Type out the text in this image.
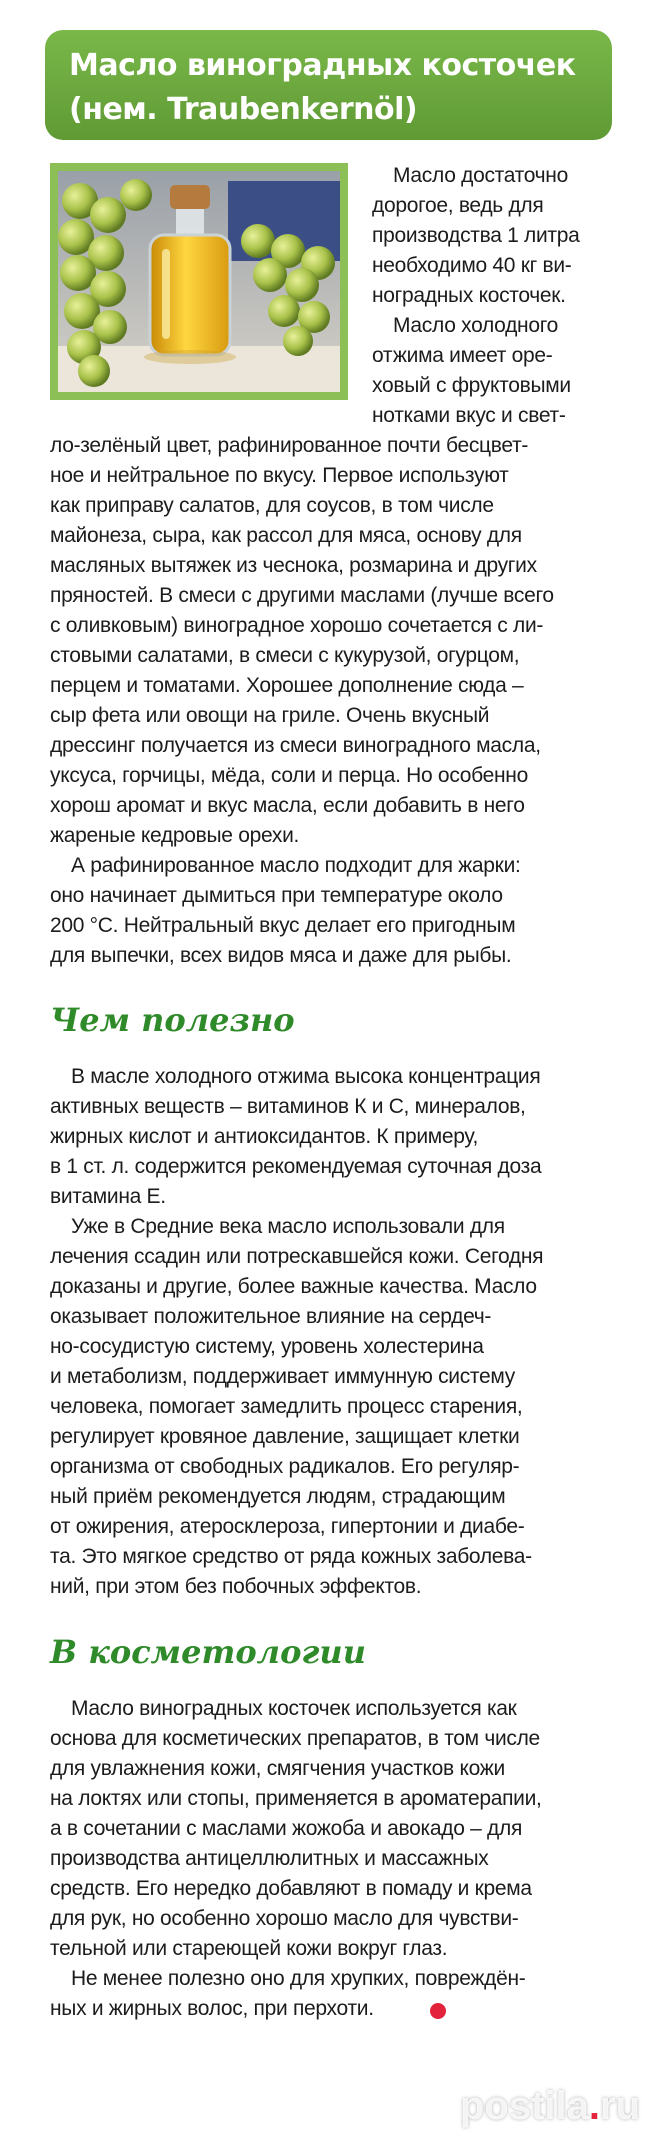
Масло виноградных косточек
(нем. Traubenkernöl)
Масло достаточно
дорогое, ведь для
производства 1 литра
необходимо 40 кг ви-
ноградных косточек.
Масло холодного
отжима имеет оре-
ховый с фруктовыми
нотками вкус и свет-
ло-зелёный цвет, рафинированное почти бесцвет-
ное и нейтральное по вкусу. Первое используют
как приправу салатов, для соусов, в том числе
майонеза, сыра, как рассол для мяса, основу для
масляных вытяжек из чеснока, розмарина и других
пряностей. В смеси с другими маслами (лучше всего
с оливковым) виноградное хорошо сочетается с ли-
стовыми салатами, в смеси с кукурузой, огурцом,
перцем и томатами. Хорошее дополнение сюда –
сыр фета или овощи на гриле. Очень вкусный
дрессинг получается из смеси виноградного масла,
уксуса, горчицы, мёда, соли и перца. Но особенно
хорош аромат и вкус масла, если добавить в него
жареные кедровые орехи.
А рафинированное масло подходит для жарки:
оно начинает дымиться при температуре около
200 °C. Нейтральный вкус делает его пригодным
для выпечки, всех видов мяса и даже для рыбы.
Чем полезно
В масле холодного отжима высока концентрация
активных веществ – витаминов К и С, минералов,
жирных кислот и антиоксидантов. К примеру,
в 1 ст. л. содержится рекомендуемая суточная доза
витамина Е.
Уже в Средние века масло использовали для
лечения ссадин или потрескавшейся кожи. Сегодня
доказаны и другие, более важные качества. Масло
оказывает положительное влияние на сердеч-
но-сосудистую систему, уровень холестерина
и метаболизм, поддерживает иммунную систему
человека, помогает замедлить процесс старения,
регулирует кровяное давление, защищает клетки
организма от свободных радикалов. Его регуляр-
ный приём рекомендуется людям, страдающим
от ожирения, атеросклероза, гипертонии и диабе-
та. Это мягкое средство от ряда кожных заболева-
ний, при этом без побочных эффектов.
В косметологии
Масло виноградных косточек используется как
основа для косметических препаратов, в том числе
для увлажнения кожи, смягчения участков кожи
на локтях или стопы, применяется в ароматерапии,
а в сочетании с маслами жожоба и авокадо – для
производства антицеллюлитных и массажных
средств. Его нередко добавляют в помаду и крема
для рук, но особенно хорошо масло для чувстви-
тельной или стареющей кожи вокруг глаз.
Не менее полезно оно для хрупких, повреждён-
ных и жирных волос, при перхоти.
postila.ru
